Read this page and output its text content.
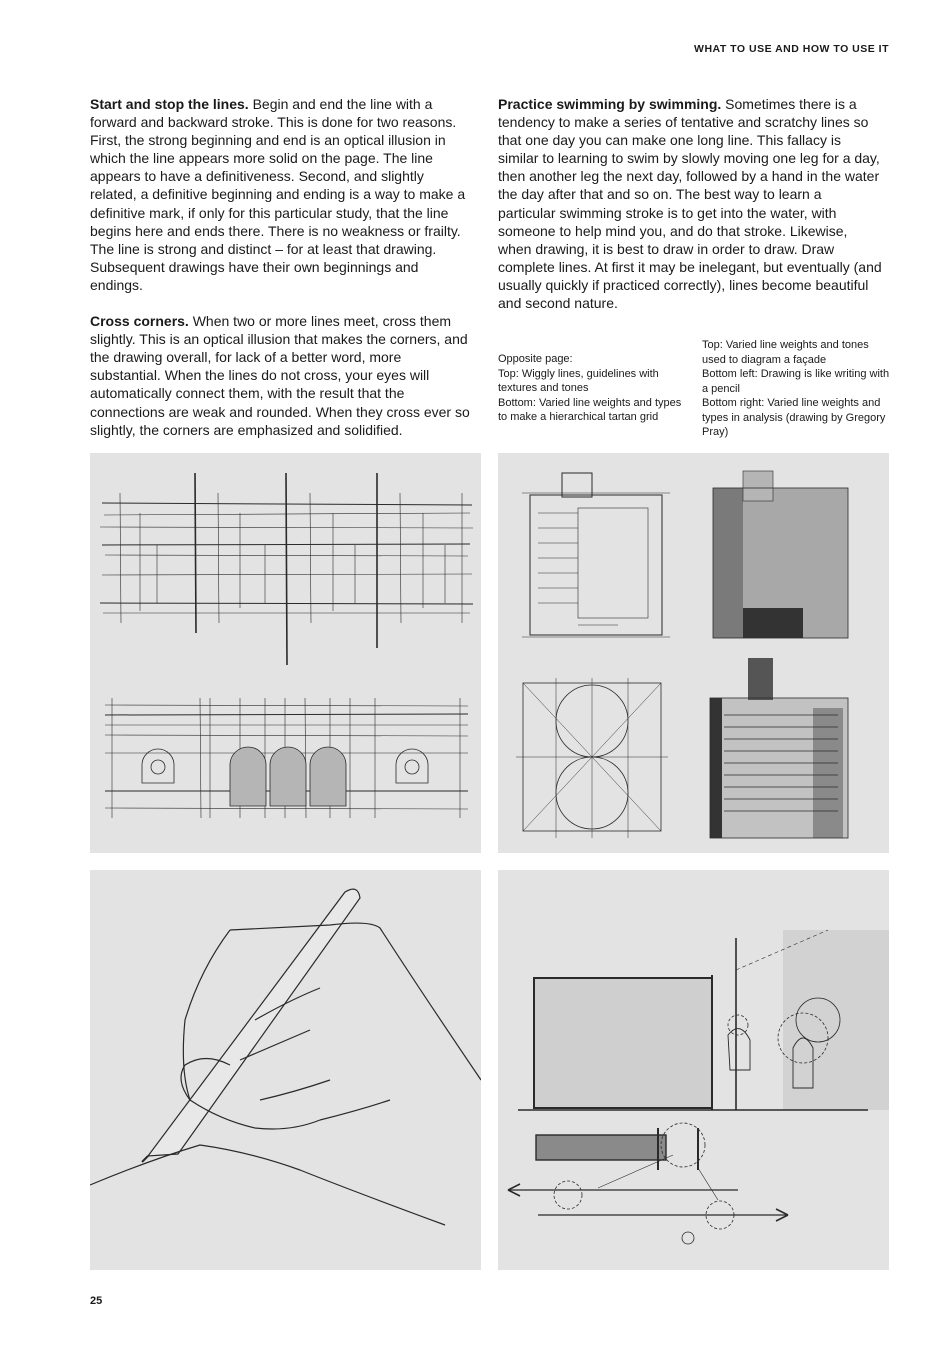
WHAT TO USE AND HOW TO USE IT

Start and stop the lines. Begin and end the line with a forward and backward stroke. This is done for two reasons. First, the strong beginning and end is an optical illusion in which the line appears more solid on the page. The line appears to have a definitiveness. Second, and slightly related, a definitive beginning and ending is a way to make a definitive mark, if only for this particular study, that the line begins here and ends there. There is no weakness or frailty. The line is strong and distinct – for at least that drawing. Subsequent drawings have their own beginnings and endings.

Cross corners. When two or more lines meet, cross them slightly. This is an optical illusion that makes the corners, and the drawing overall, for lack of a better word, more substantial. When the lines do not cross, your eyes will automatically connect them, with the result that the connections are weak and rounded. When they cross ever so slightly, the corners are emphasized and solidified.

Practice swimming by swimming. Sometimes there is a tendency to make a series of tentative and scratchy lines so that one day you can make one long line. This fallacy is similar to learning to swim by slowly moving one leg for a day, then another leg the next day, followed by a hand in the water the day after that and so on. The best way to learn a particular swimming stroke is to get into the water, with someone to help mind you, and do that stroke. Likewise, when drawing, it is best to draw in order to draw. Draw complete lines. At first it may be inelegant, but eventually (and usually quickly if practiced correctly), lines become beautiful and second nature.

Opposite page:
Top: Wiggly lines, guidelines with textures and tones
Bottom: Varied line weights and types to make a hierarchical tartan grid
Top: Varied line weights and tones used to diagram a façade
Bottom left: Drawing is like writing with a pencil
Bottom right: Varied line weights and types in analysis (drawing by Gregory Pray)
25
